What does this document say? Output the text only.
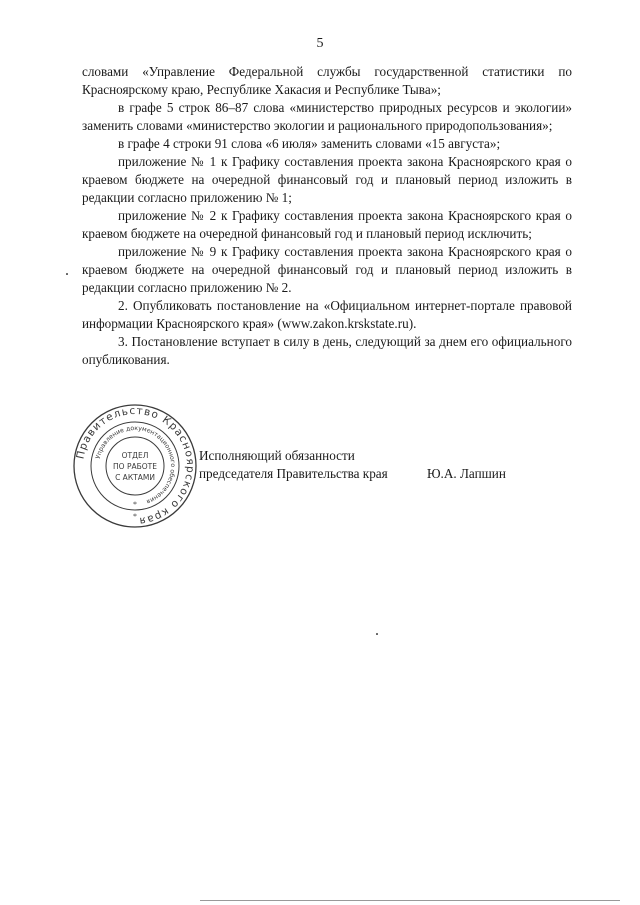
5

словами «Управление Федеральной службы государственной статистики по Красноярскому краю, Республике Хакасия и Республике Тыва»;

в графе 5 строк 86–87 слова «министерство природных ресурсов и экологии» заменить словами «министерство экологии и рационального природопользования»;

в графе 4 строки 91 слова «6 июля» заменить словами «15 августа»;

приложение № 1 к Графику составления проекта закона Красноярского края о краевом бюджете на очередной финансовый год и плановый период изложить в редакции согласно приложению № 1;

приложение № 2 к Графику составления проекта закона Красноярского края о краевом бюджете на очередной финансовый год и плановый период исключить;

приложение № 9 к Графику составления проекта закона Красноярского края о краевом бюджете на очередной финансовый год и плановый период изложить в редакции согласно приложению № 2.

2. Опубликовать постановление на «Официальном интернет-портале правовой информации Красноярского края» (www.zakon.krskstate.ru).

3. Постановление вступает в силу в день, следующий за днем его официального опубликования.

Правительство Красноярского края
Управление документационного обеспечения
ОТДЕЛ
ПО РАБОТЕ
С АКТАМИ
*
*
Исполняющий обязанности
председателя Правительства края	Ю.А. Лапшин
